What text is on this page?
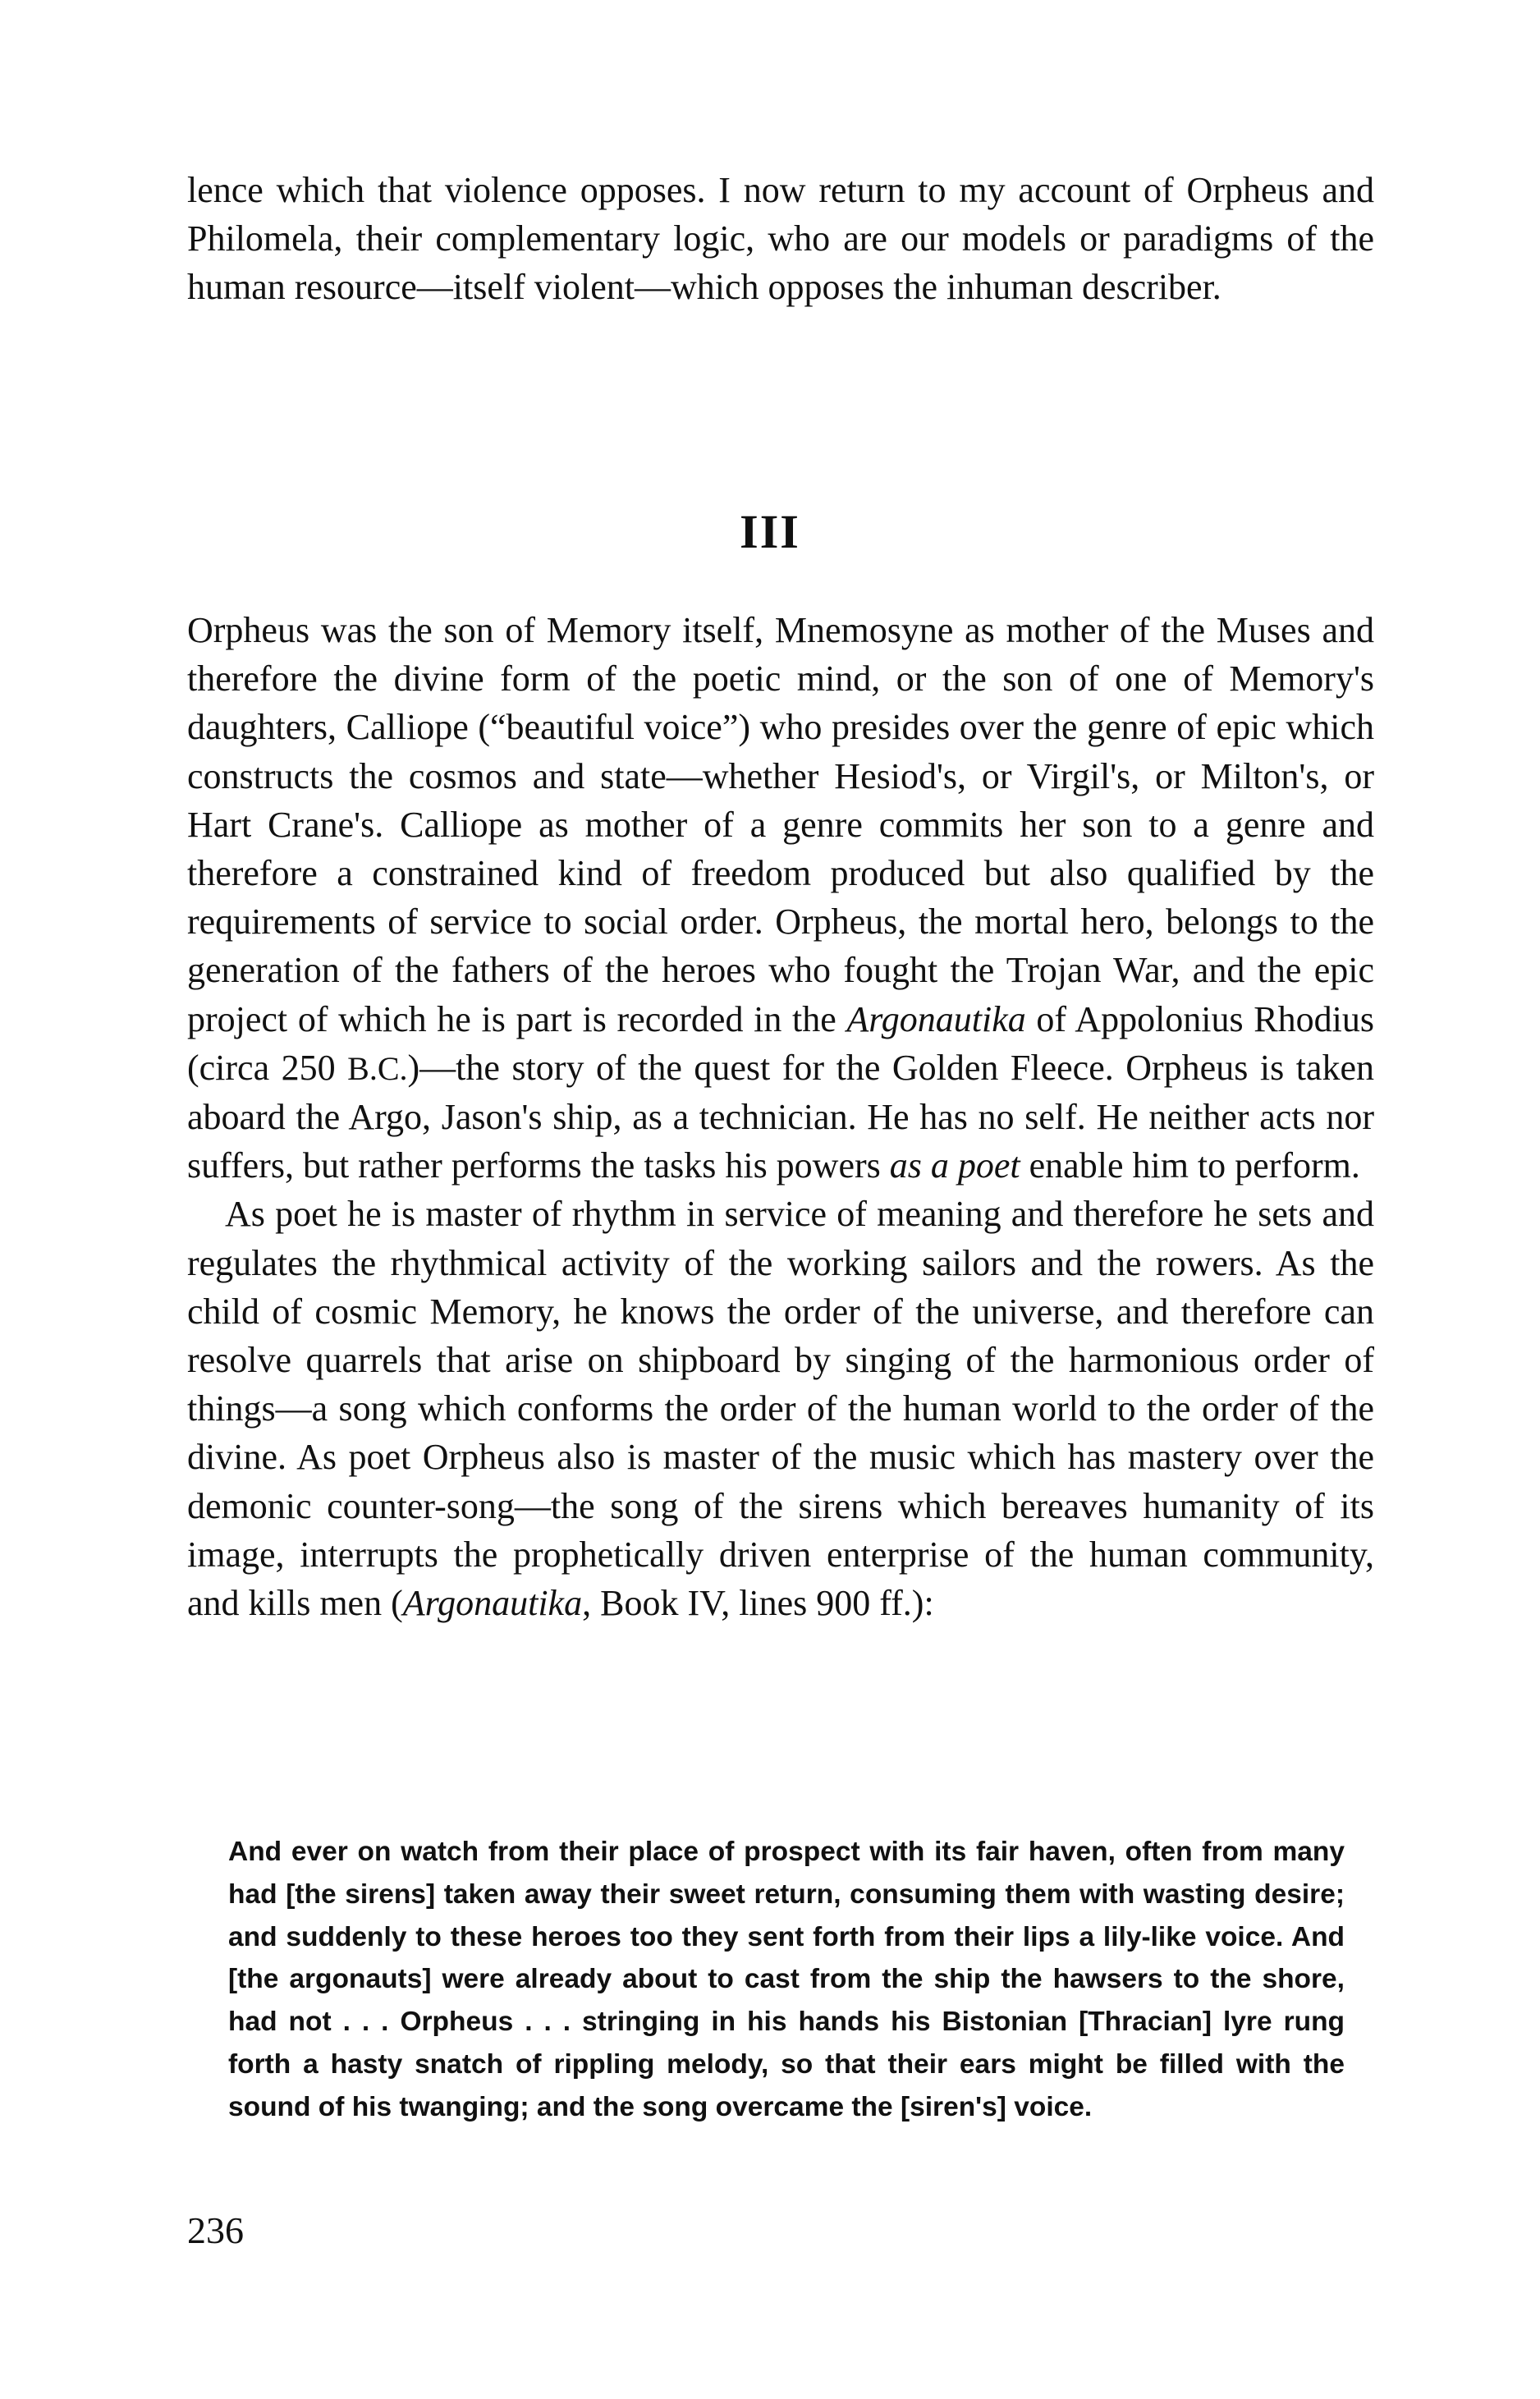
lence which that violence opposes. I now return to my account of Orpheus and Philomela, their complementary logic, who are our models or paradigms of the human resource—itself violent—which opposes the inhuman describer.

III

Orpheus was the son of Memory itself, Mnemosyne as mother of the Muses and therefore the divine form of the poetic mind, or the son of one of Memory's daughters, Calliope (“beautiful voice”) who presides over the genre of epic which constructs the cosmos and state—whether Hesiod's, or Virgil's, or Milton's, or Hart Crane's. Calliope as mother of a genre commits her son to a genre and therefore a constrained kind of freedom produced but also qualified by the requirements of service to social order. Orpheus, the mortal hero, belongs to the generation of the fathers of the heroes who fought the Trojan War, and the epic project of which he is part is recorded in the Argonautika of Appolonius Rhodius (circa 250 B.C.)—the story of the quest for the Golden Fleece. Orpheus is taken aboard the Argo, Jason's ship, as a technician. He has no self. He neither acts nor suffers, but rather performs the tasks his powers as a poet enable him to perform.

As poet he is master of rhythm in service of meaning and therefore he sets and regulates the rhythmical activity of the working sailors and the rowers. As the child of cosmic Memory, he knows the order of the universe, and therefore can resolve quarrels that arise on shipboard by singing of the harmonious order of things—a song which conforms the order of the human world to the order of the divine. As poet Orpheus also is master of the music which has mastery over the demonic counter-song—the song of the sirens which bereaves humanity of its image, interrupts the prophetically driven enterprise of the human community, and kills men (Argonautika, Book IV, lines 900 ff.):

And ever on watch from their place of prospect with its fair haven, often from many had [the sirens] taken away their sweet return, consuming them with wasting desire; and suddenly to these heroes too they sent forth from their lips a lily-like voice. And [the argonauts] were already about to cast from the ship the hawsers to the shore, had not . . . Orpheus . . . stringing in his hands his Bistonian [Thracian] lyre rung forth a hasty snatch of rippling melody, so that their ears might be filled with the sound of his twanging; and the song overcame the [siren's] voice.

236
